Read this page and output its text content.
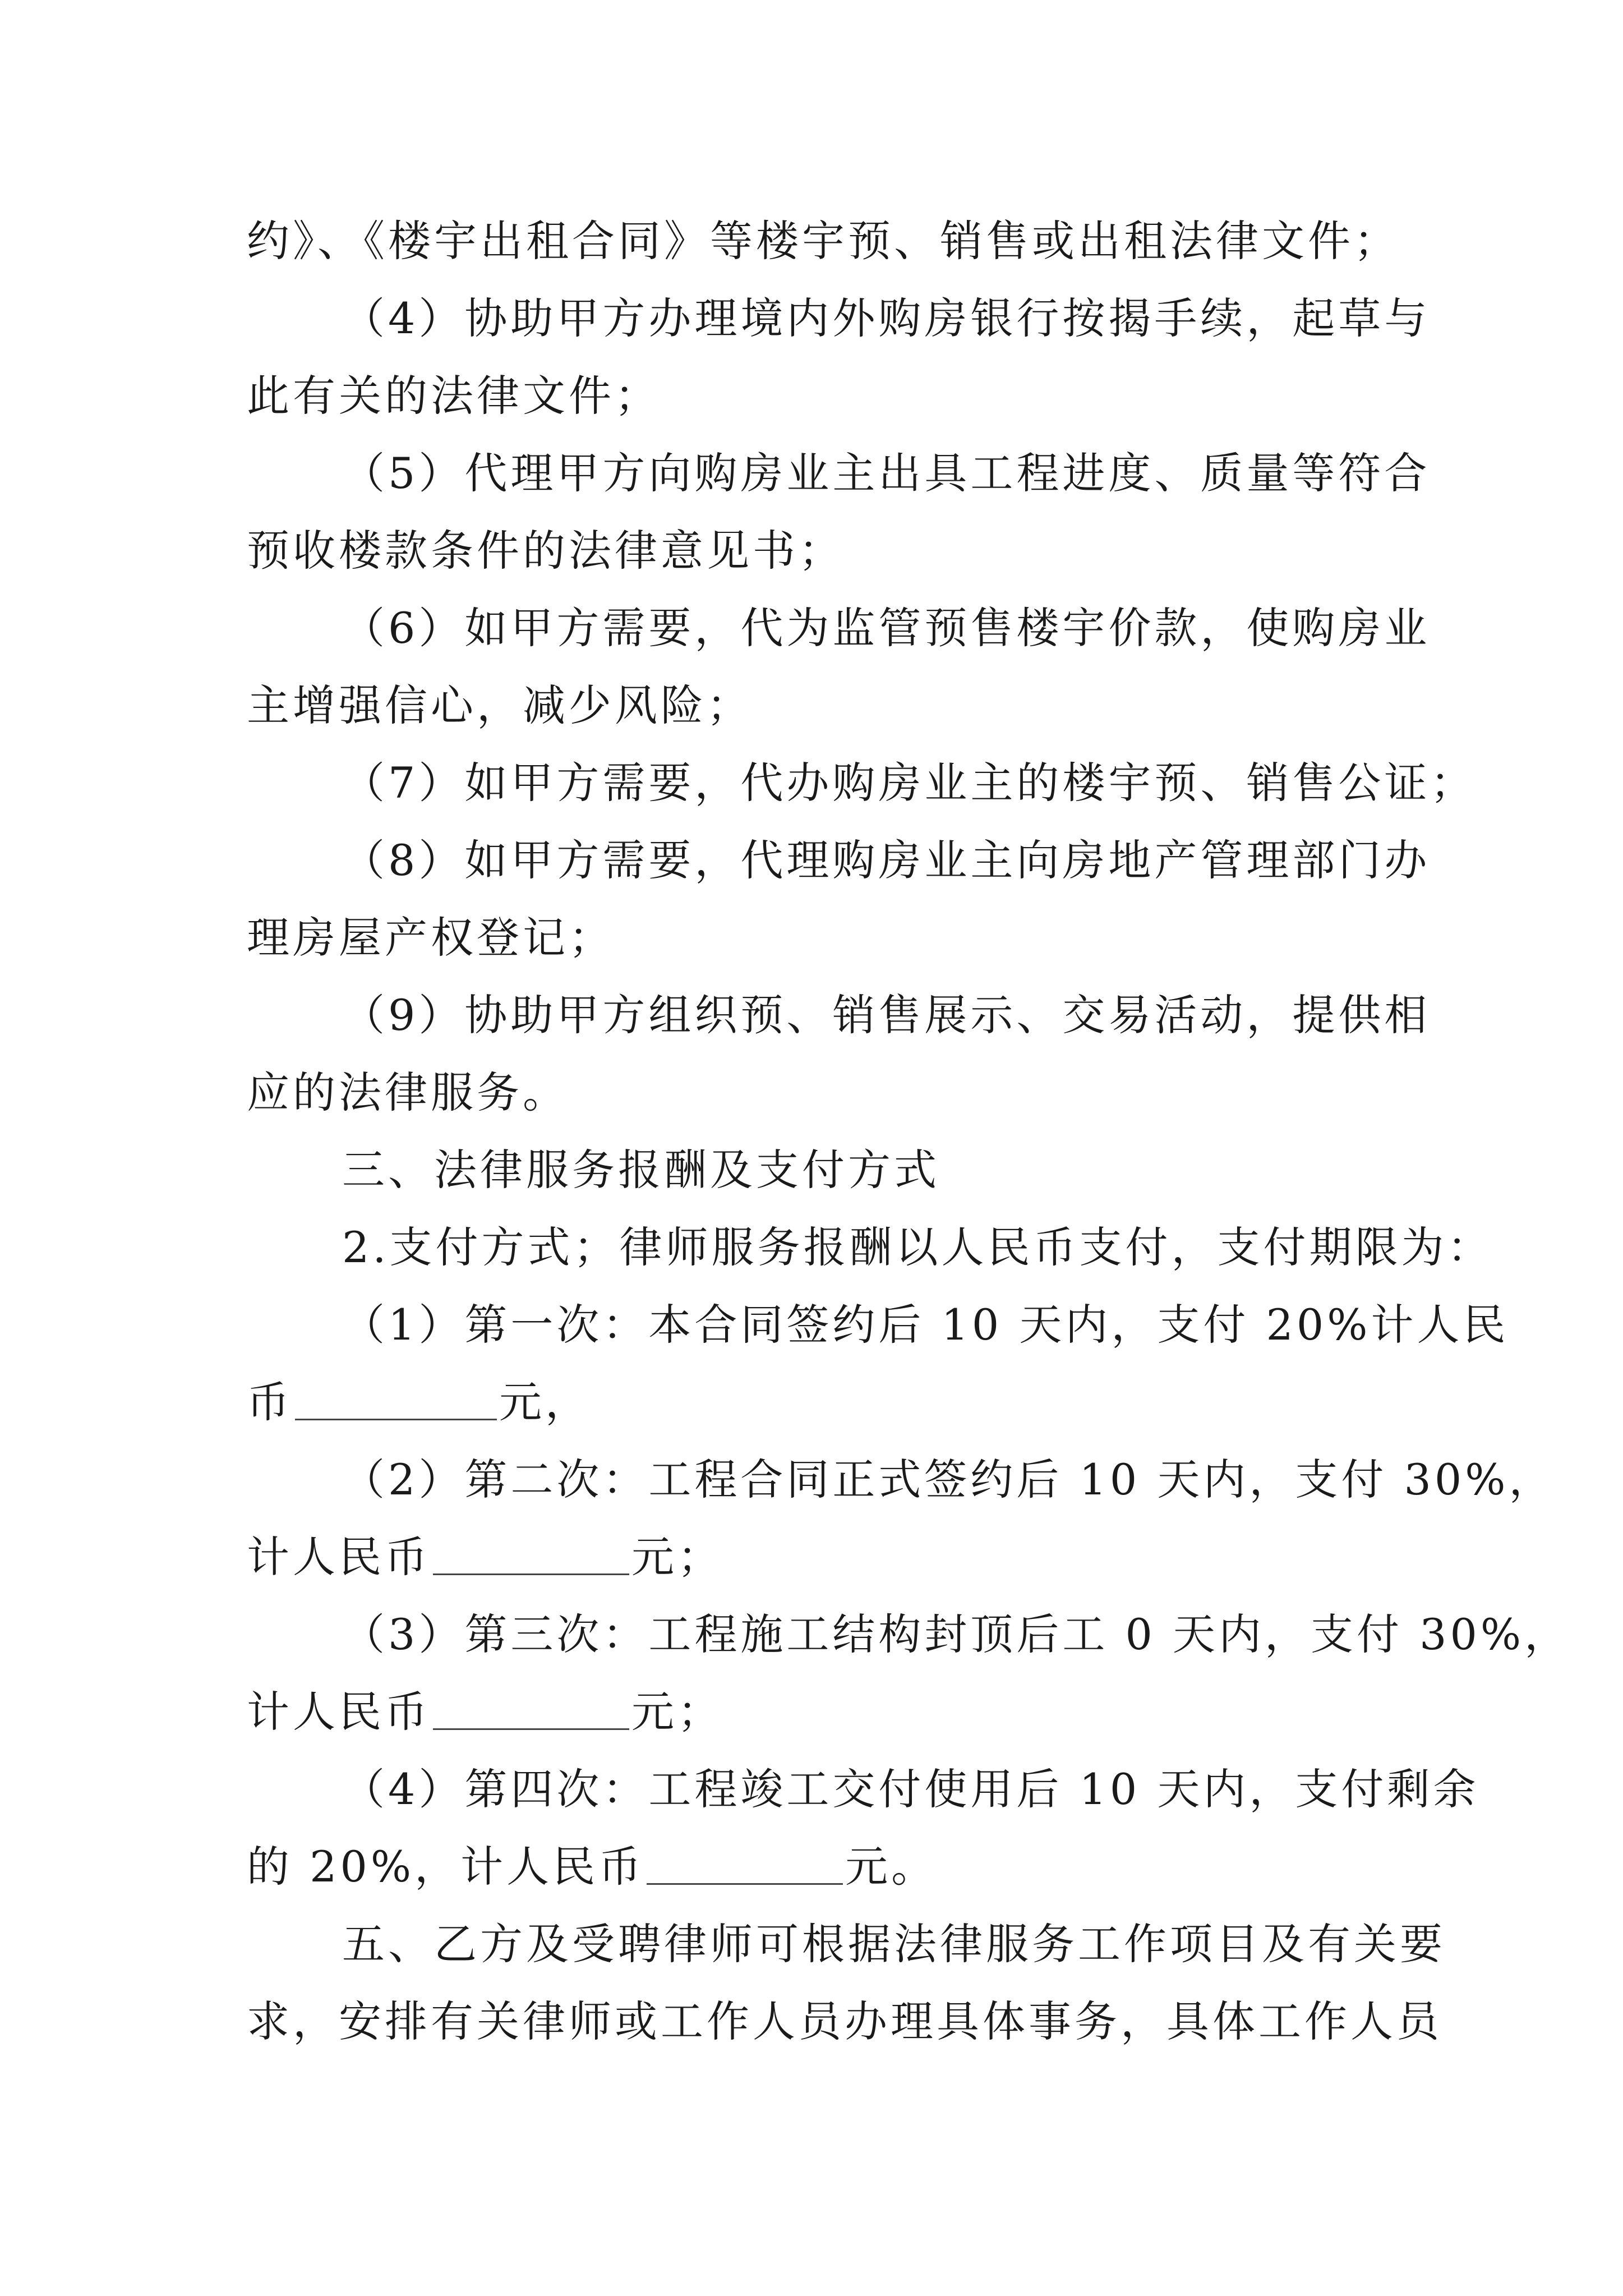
约》、《楼宇出租合同》等楼宇预、销售或出租法律文件；
（4）协助甲方办理境内外购房银行按揭手续，起草与
此有关的法律文件；
（5）代理甲方向购房业主出具工程进度、质量等符合
预收楼款条件的法律意见书；
（6）如甲方需要，代为监管预售楼宇价款，使购房业
主增强信心，减少风险；
（7）如甲方需要，代办购房业主的楼宇预、销售公证；
（8）如甲方需要，代理购房业主向房地产管理部门办
理房屋产权登记；
（9）协助甲方组织预、销售展示、交易活动，提供相
应的法律服务。
三、法律服务报酬及支付方式
2.支付方式；律师服务报酬以人民币支付，支付期限为：
（1）第一次：本合同签约后 10 天内，支付 20%计人民
币	元，
（2）第二次：工程合同正式签约后 10 天内，支付 30%，
计人民币	元；
（3）第三次：工程施工结构封顶后工 0 天内，支付 30%，
计人民币	元；
（4）第四次：工程竣工交付使用后 10 天内，支付剩余
的 20%，计人民币	元。
五、乙方及受聘律师可根据法律服务工作项目及有关要
求，安排有关律师或工作人员办理具体事务，具体工作人员
